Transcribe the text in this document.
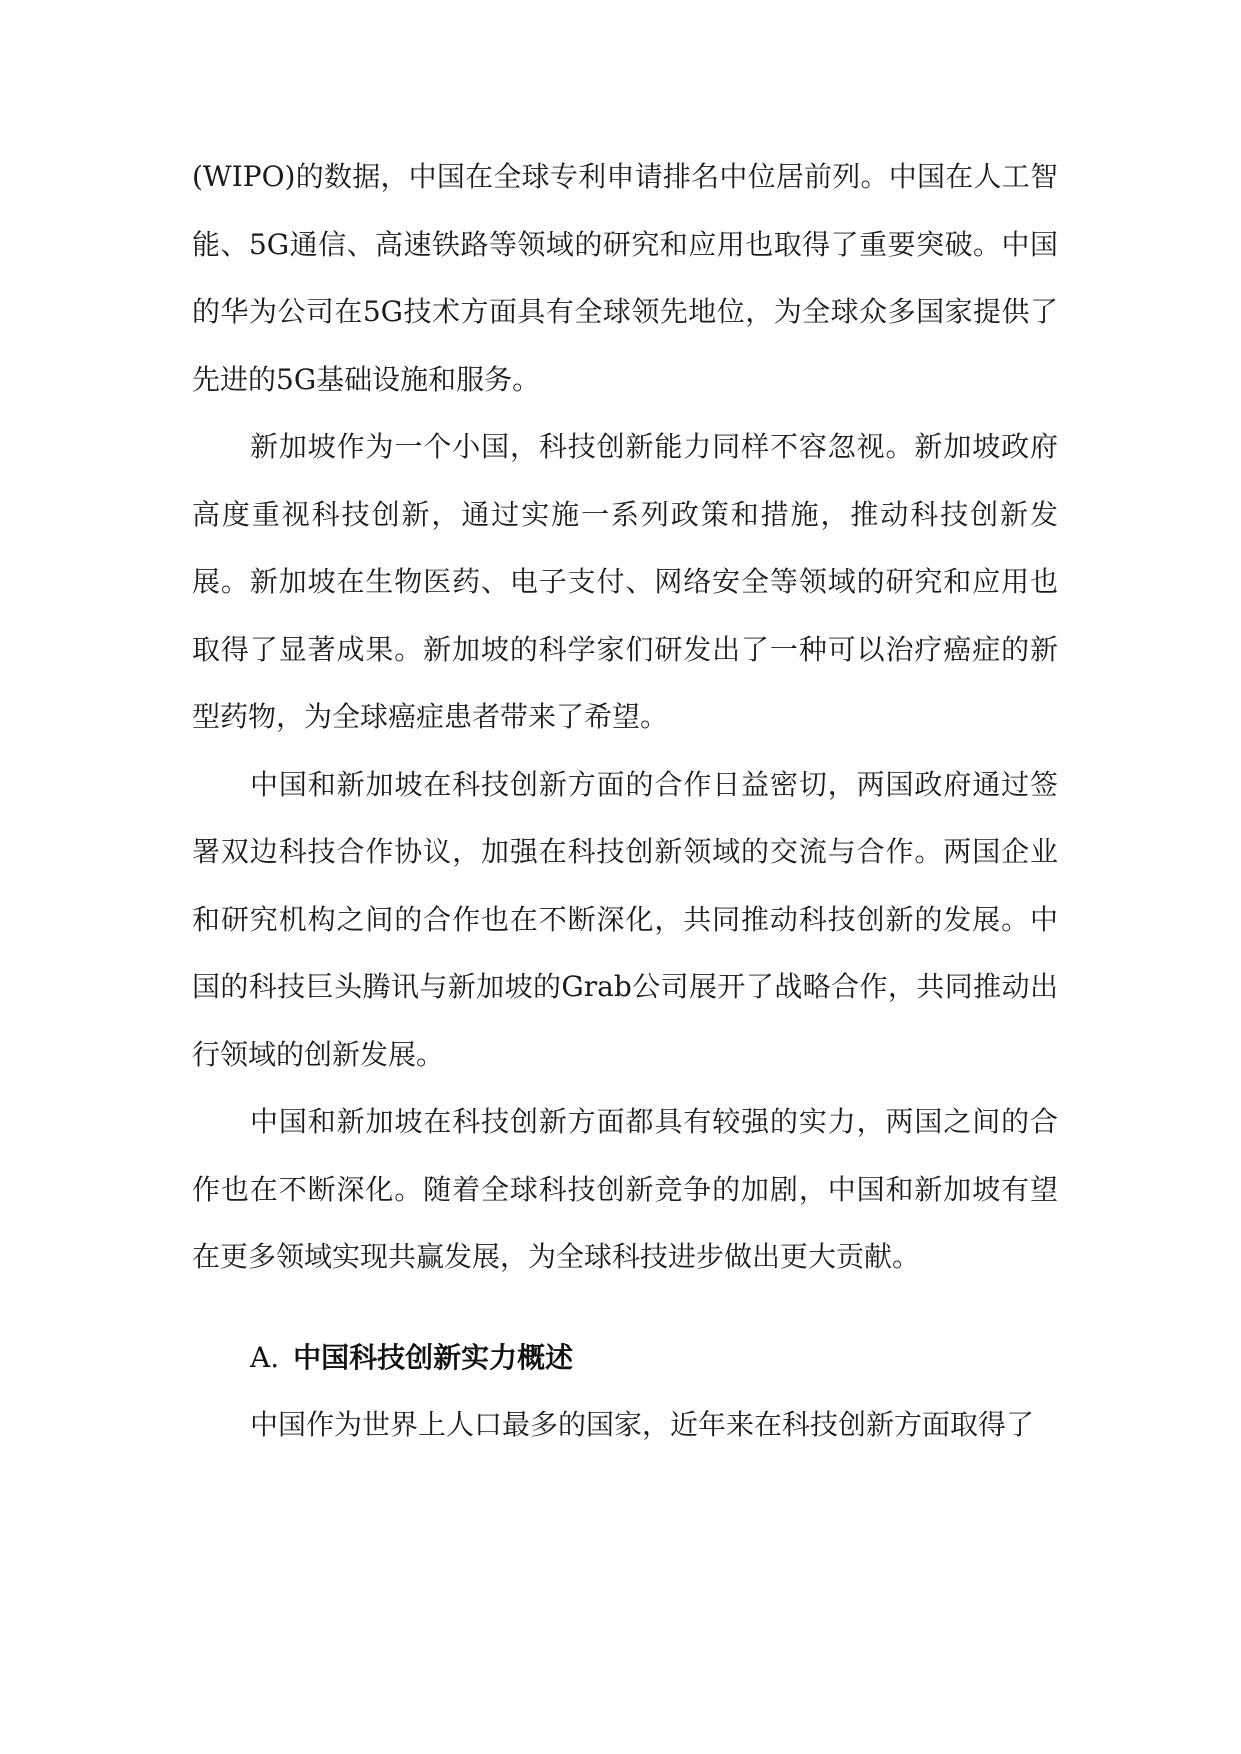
(WIPO)的数据，中国在全球专利申请排名中位居前列。中国在人工智能、5G通信、高速铁路等领域的研究和应用也取得了重要突破。中国的华为公司在5G技术方面具有全球领先地位，为全球众多国家提供了先进的5G基础设施和服务。

新加坡作为一个小国，科技创新能力同样不容忽视。新加坡政府高度重视科技创新，通过实施一系列政策和措施，推动科技创新发展。新加坡在生物医药、电子支付、网络安全等领域的研究和应用也取得了显著成果。新加坡的科学家们研发出了一种可以治疗癌症的新型药物，为全球癌症患者带来了希望。

中国和新加坡在科技创新方面的合作日益密切，两国政府通过签署双边科技合作协议，加强在科技创新领域的交流与合作。两国企业和研究机构之间的合作也在不断深化，共同推动科技创新的发展。中国的科技巨头腾讯与新加坡的Grab公司展开了战略合作，共同推动出行领域的创新发展。

中国和新加坡在科技创新方面都具有较强的实力，两国之间的合作也在不断深化。随着全球科技创新竞争的加剧，中国和新加坡有望在更多领域实现共赢发展，为全球科技进步做出更大贡献。

A. 中国科技创新实力概述

中国作为世界上人口最多的国家，近年来在科技创新方面取得了
